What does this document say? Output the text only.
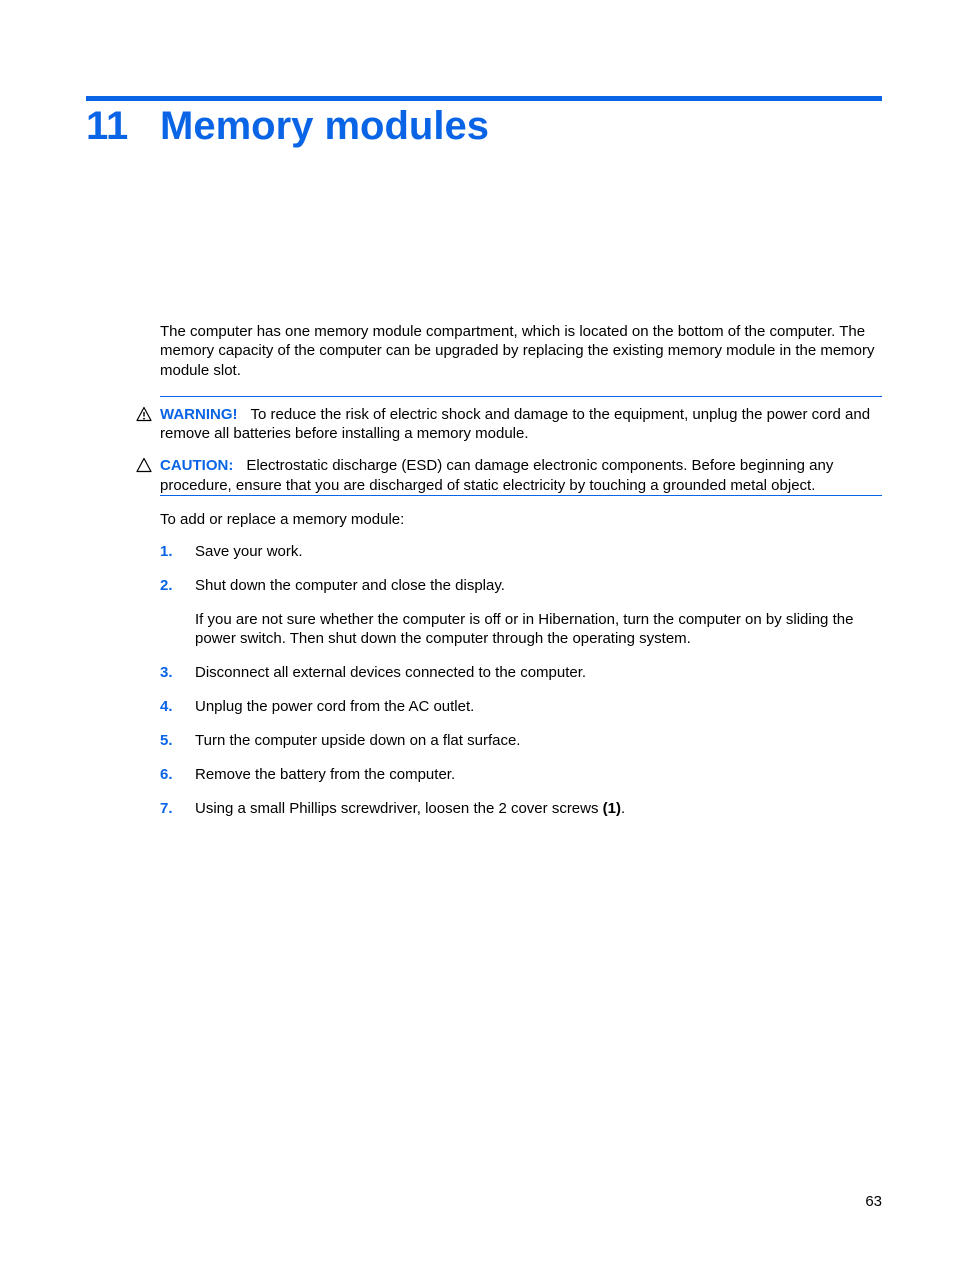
11 Memory modules

The computer has one memory module compartment, which is located on the bottom of the computer. The memory capacity of the computer can be upgraded by replacing the existing memory module in the memory module slot.

WARNING! To reduce the risk of electric shock and damage to the equipment, unplug the power cord and remove all batteries before installing a memory module.

CAUTION: Electrostatic discharge (ESD) can damage electronic components. Before beginning any procedure, ensure that you are discharged of static electricity by touching a grounded metal object.

To add or replace a memory module:

1. Save your work.
2. Shut down the computer and close the display.

If you are not sure whether the computer is off or in Hibernation, turn the computer on by sliding the power switch. Then shut down the computer through the operating system.

3. Disconnect all external devices connected to the computer.
4. Unplug the power cord from the AC outlet.
5. Turn the computer upside down on a flat surface.
6. Remove the battery from the computer.
7. Using a small Phillips screwdriver, loosen the 2 cover screws (1).
63
